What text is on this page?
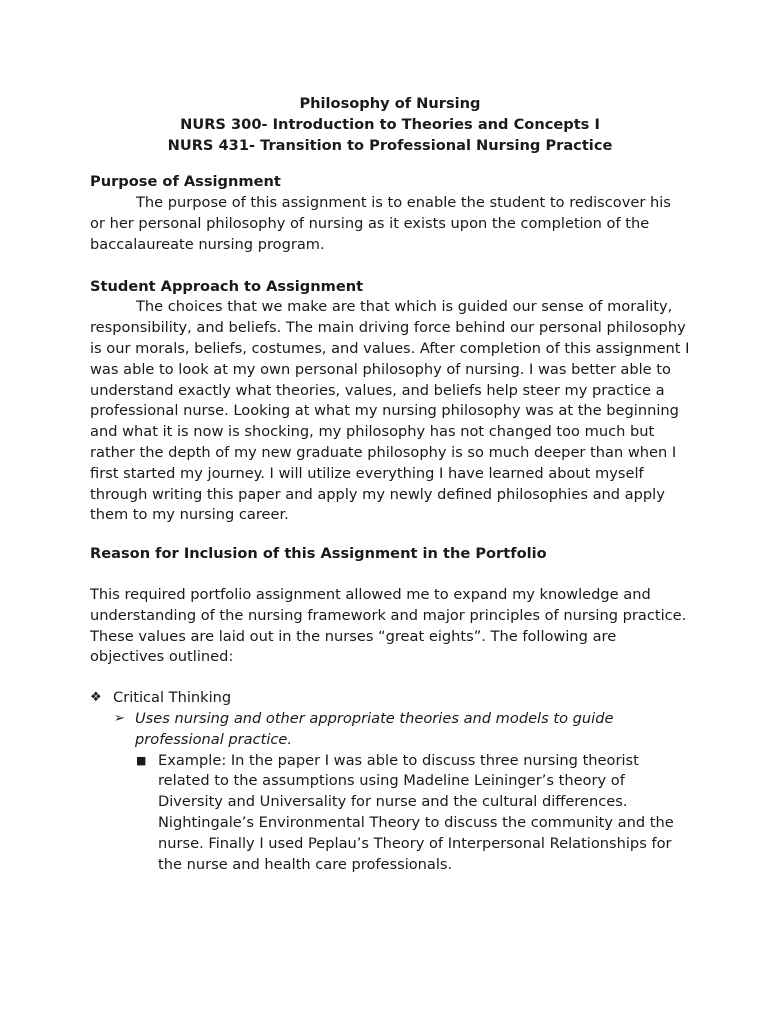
Philosophy of Nursing
NURS 300- Introduction to Theories and Concepts I
NURS 431- Transition to Professional Nursing Practice
Purpose of Assignment

The purpose of this assignment is to enable the student to rediscover his or her personal philosophy of nursing as it exists upon the completion of the baccalaureate nursing program.

Student Approach to Assignment

The choices that we make are that which is guided our sense of morality, responsibility, and beliefs. The main driving force behind our personal philosophy is our morals, beliefs, costumes, and values. After completion of this assignment I was able to look at my own personal philosophy of nursing. I was better able to understand exactly what theories, values, and beliefs help steer my practice a professional nurse. Looking at what my nursing philosophy was at the beginning and what it is now is shocking, my philosophy has not changed too much but rather the depth of my new graduate philosophy is so much deeper than when I first started my journey. I will utilize everything I have learned about myself through writing this paper and apply my newly defined philosophies and apply them to my nursing career.

Reason for Inclusion of this Assignment in the Portfolio

This required portfolio assignment allowed me to expand my knowledge and understanding of the nursing framework and major principles of nursing practice. These values are laid out in the nurses “great eights”. The following are objectives outlined:

❖ Critical Thinking
➢ Uses nursing and other appropriate theories and models to guide professional practice.
■ Example: In the paper I was able to discuss three nursing theorist related to the assumptions using Madeline Leininger’s theory of Diversity and Universality for nurse and the cultural differences. Nightingale’s Environmental Theory to discuss the community and the nurse. Finally I used Peplau’s Theory of Interpersonal Relationships for the nurse and health care professionals.
